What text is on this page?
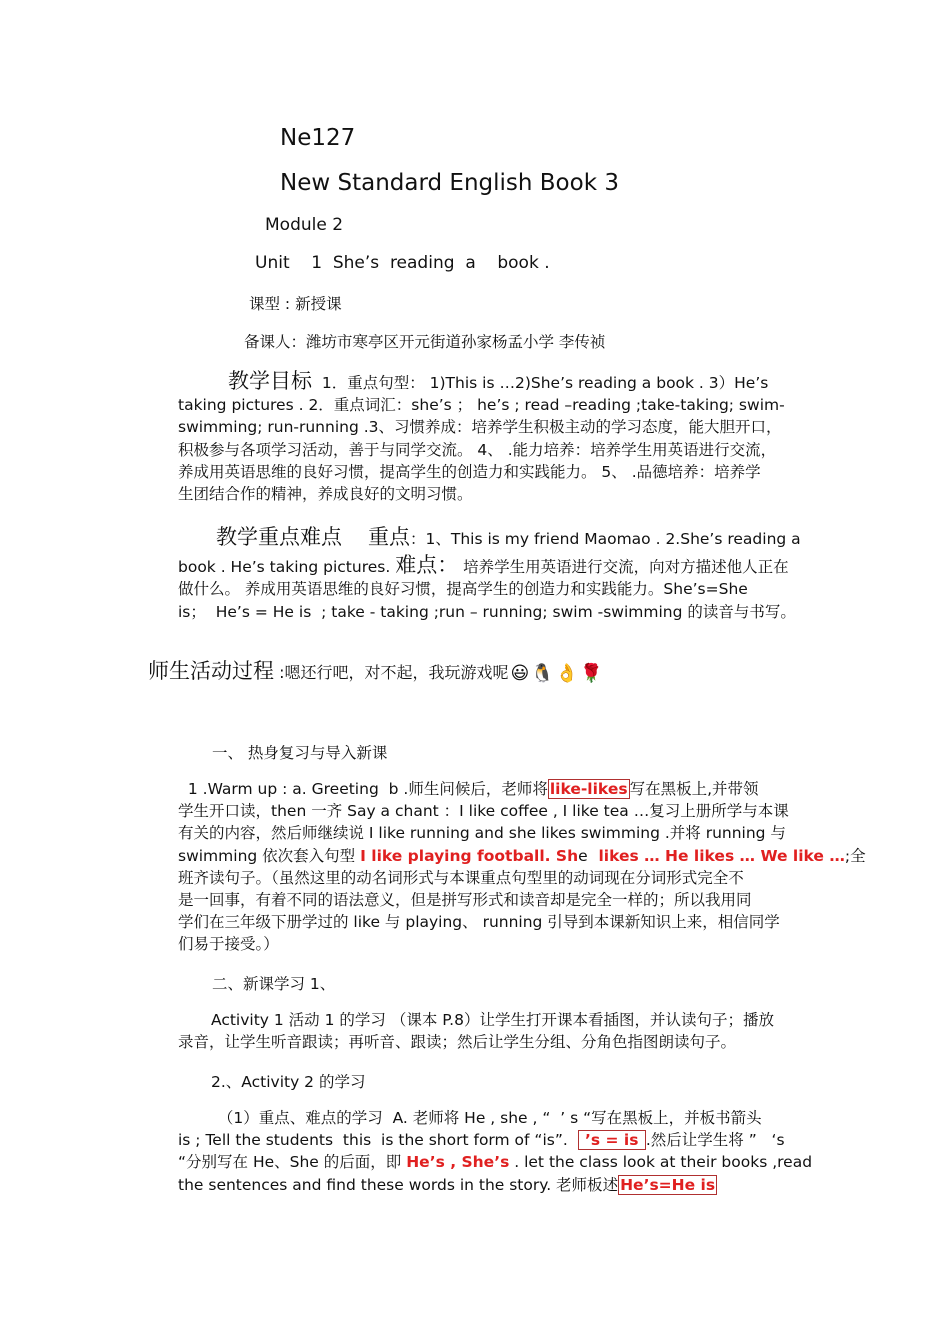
Ne127
New Standard English Book 3
Module 2
Unit    1  She’s  reading  a    book .
课型 : 新授课
备课人：潍坊市寒亭区开元街道孙家杨孟小学 李传祯
教学目标  1．重点句型： 1)This is …2)She’s reading a book . 3）He’s
taking pictures . 2．重点词汇：she’s ； he’s ; read –reading ;take-taking; swim-
swimming; run-running .3、习惯养成：培养学生积极主动的学习态度，能大胆开口，
积极参与各项学习活动，善于与同学交流。 4、 .能力培养：培养学生用英语进行交流，
养成用英语思维的良好习惯，提高学生的创造力和实践能力。 5、 .品德培养：培养学
生团结合作的精神，养成良好的文明习惯。
教学重点难点 重点：1、This is my friend Maomao . 2.She’s reading a
book . He’s taking pictures. 难点： 培养学生用英语进行交流，向对方描述他人正在
做什么。 养成用英语思维的良好习惯，提高学生的创造力和实践能力。She’s=She
is；  He’s = He is  ; take - taking ;run – running; swim -swimming 的读音与书写。
师生活动过程 :嗯还行吧，对不起，我玩游戏呢 😃 🐧 👌 🌹
一、 热身复习与导入新课
1 .Warm up : a. Greeting  b .师生问候后，老师将 like-likes 写在黑板上,并带领
学生开口读，then 一齐 Say a chant ：I like coffee , I like tea …复习上册所学与本课
有关的内容，然后师继续说 I like running and she likes swimming .并将 running 与
swimming 依次套入句型 I like playing football. She  likes … He likes … We like …;全
班齐读句子。（虽然这里的动名词形式与本课重点句型里的动词现在分词形式完全不
是一回事，有着不同的语法意义，但是拼写形式和读音却是完全一样的；所以我用同
学们在三年级下册学过的 like 与 playing、 running 引导到本课新知识上来，相信同学
们易于接受。）
二、新课学习 1、
Activity 1 活动 1 的学习 （课本 P.8）让学生打开课本看插图，并认读句子；播放
录音，让学生听音跟读；再听音、跟读；然后让学生分组、分角色指图朗读句子。
2.、Activity 2 的学习
（1）重点、难点的学习  A. 老师将 He , she , “  ’ s “写在黑板上，并板书箭头
is ; Tell the students  this  is the short form of “is”.   ’s = is .然后让学生将 ”   ‘s
“分别写在 He、She 的后面，即 He’s , She’s . let the class look at their books ,read
the sentences and find these words in the story. 老师板述 He’s=He is
